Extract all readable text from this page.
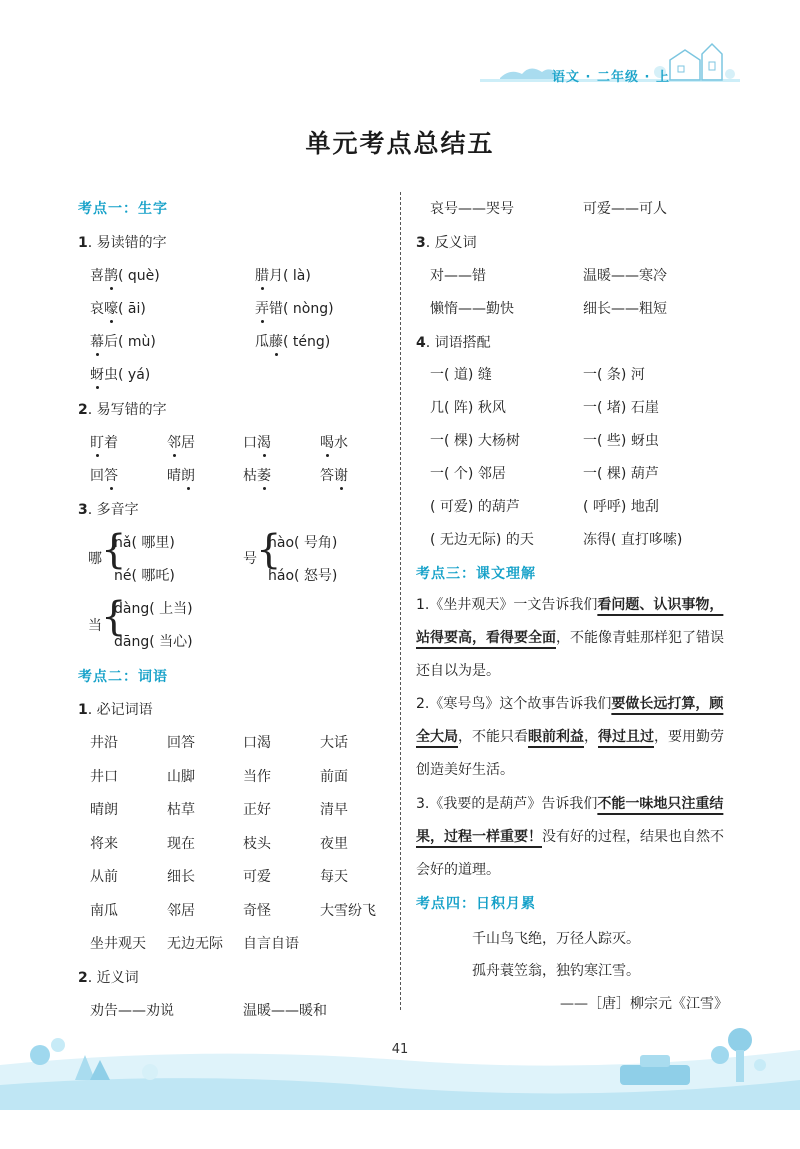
语文 · 二年级 · 上
单元考点总结五
考点一：生字
1. 易读错的字
喜鹊( què)	腊月( là)
哀嚎( āi)	弄错( nòng)
幕后( mù)	瓜藤( téng)
蚜虫( yá)
2. 易写错的字
盯着	邻居	口渴	喝水
回答	晴朗	枯萎	答谢
3. 多音字
哪 {
nǎ( 哪里)
né( 哪吒)
号 {
hào( 号角)
háo( 怒号)
当 {
dàng( 上当)
dāng( 当心)
考点二：词语
1. 必记词语
井沿	回答	口渴	大话
井口	山脚	当作	前面
晴朗	枯草	正好	清早
将来	现在	枝头	夜里
从前	细长	可爱	每天
南瓜	邻居	奇怪	大雪纷飞
坐井观天 无边无际 自言自语
2. 近义词
劝告——劝说	温暖——暖和
哀号——哭号	可爱——可人
3. 反义词
对——错	温暖——寒冷
懒惰——勤快	细长——粗短
4. 词语搭配
一( 道) 缝	一( 条) 河
几( 阵) 秋风	一( 堵) 石崖
一( 棵) 大杨树	一( 些) 蚜虫
一( 个) 邻居	一( 棵) 葫芦
( 可爱) 的葫芦	( 呼呼) 地刮
( 无边无际) 的天	冻得( 直打哆嗦)
考点三：课文理解
1.《坐井观天》一文告诉我们看问题、认识事物，站得要高，看得要全面，不能像青蛙那样犯了错误还自以为是。
2.《寒号鸟》这个故事告诉我们要做长远打算，顾全大局，不能只看眼前利益，得过且过，要用勤劳创造美好生活。
3.《我要的是葫芦》告诉我们不能一味地只注重结果，过程一样重要！没有好的过程，结果也自然不会好的道理。
考点四：日积月累
千山鸟飞绝，万径人踪灭。
孤舟蓑笠翁，独钓寒江雪。
——［唐］柳宗元《江雪》
41
